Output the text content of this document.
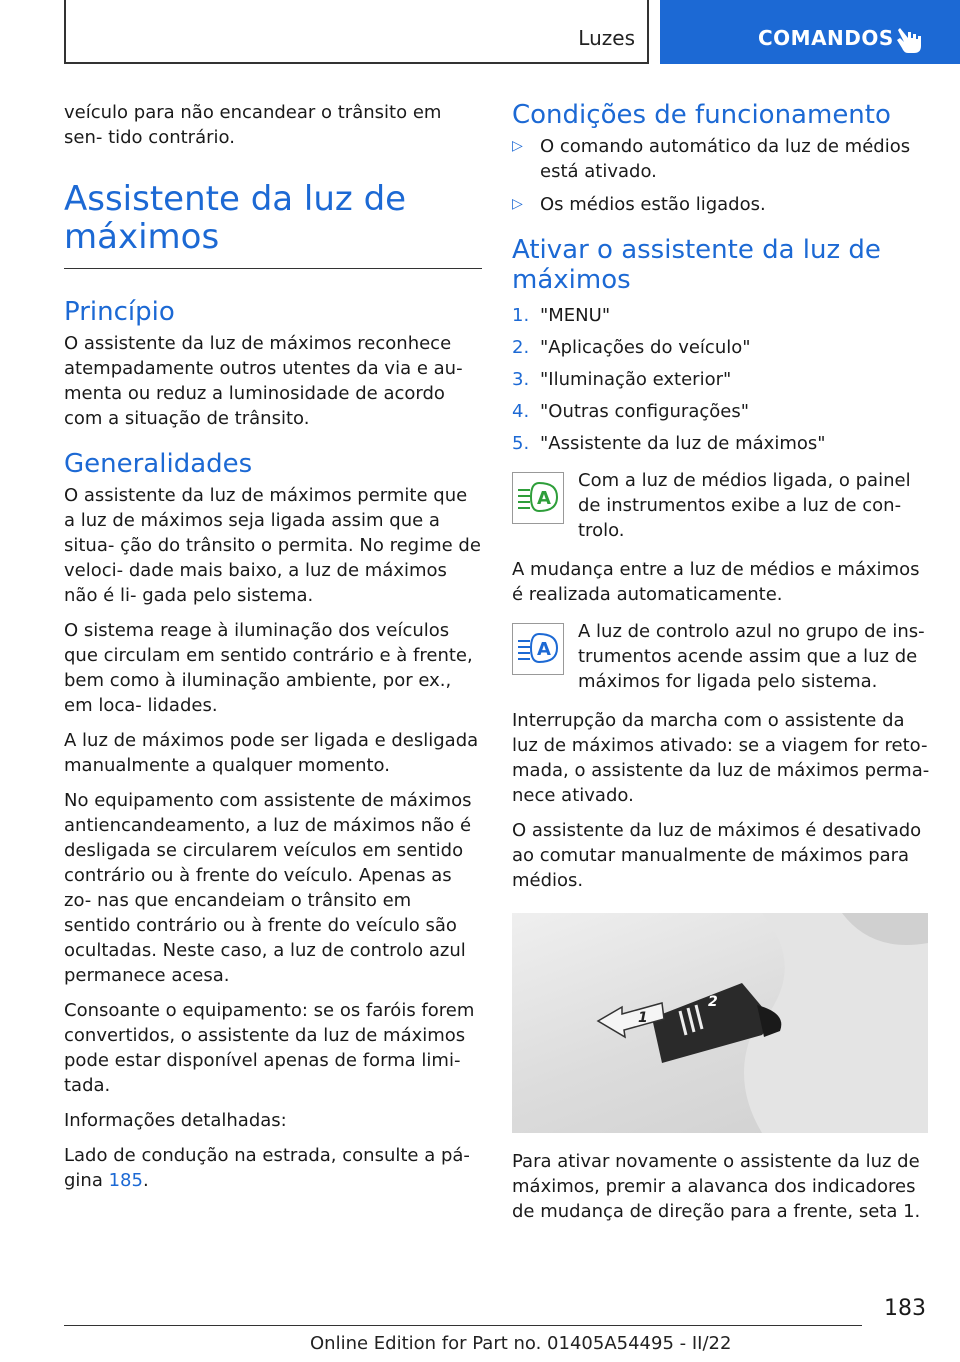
Luzes	COMANDOS

veículo para não encandear o trânsito em sen- tido contrário.

Assistente da luz de máximos
Princípio

O assistente da luz de máximos reconhece atempadamente outros utentes da via e au- menta ou reduz a luminosidade de acordo com a situação de trânsito.

Generalidades

O assistente da luz de máximos permite que a luz de máximos seja ligada assim que a situa- ção do trânsito o permita. No regime de veloci- dade mais baixo, a luz de máximos não é li- gada pelo sistema.

O sistema reage à iluminação dos veículos que circulam em sentido contrário e à frente, bem como à iluminação ambiente, por ex., em loca- lidades.

A luz de máximos pode ser ligada e desligada manualmente a qualquer momento.

No equipamento com assistente de máximos antiencandeamento, a luz de máximos não é desligada se circularem veículos em sentido contrário ou à frente do veículo. Apenas as zo- nas que encandeiam o trânsito em sentido contrário ou à frente do veículo são ocultadas. Neste caso, a luz de controlo azul permanece acesa.

Consoante o equipamento: se os faróis forem convertidos, o assistente da luz de máximos pode estar disponível apenas de forma limi- tada.

Informações detalhadas:

Lado de condução na estrada, consulte a pá- gina 185.

Condições de funcionamento
▷ O comando automático da luz de médios está ativado.
▷ Os médios estão ligados.
Ativar o assistente da luz de máximos
1. "MENU"
2. "Aplicações do veículo"
3. "Iluminação exterior"
4. "Outras configurações"
5. "Assistente da luz de máximos"
A

Com a luz de médios ligada, o painel de instrumentos exibe a luz de con- trolo.

A mudança entre a luz de médios e máximos é realizada automaticamente.

A

A luz de controlo azul no grupo de ins- trumentos acende assim que a luz de máximos for ligada pelo sistema.

Interrupção da marcha com o assistente da luz de máximos ativado: se a viagem for reto- mada, o assistente da luz de máximos perma- nece ativado.

O assistente da luz de máximos é desativado ao comutar manualmente de máximos para médios.

1
2

Para ativar novamente o assistente da luz de máximos, premir a alavanca dos indicadores de mudança de direção para a frente, seta 1.

183
Online Edition for Part no. 01405A54495 - II/22
